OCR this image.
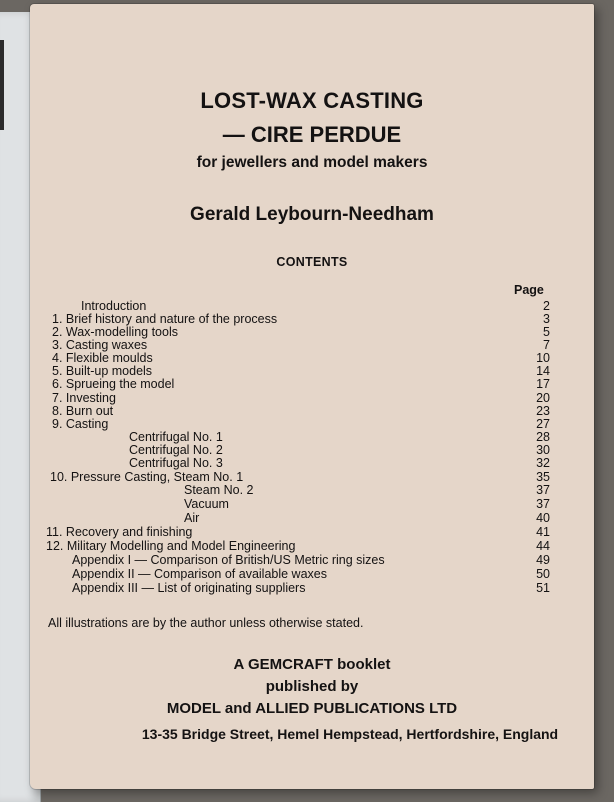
LOST-WAX CASTING
— CIRE PERDUE
for jewellers and model makers
Gerald Leybourn-Needham
CONTENTS
Page
Introduction	2
1. Brief history and nature of the process	3
2. Wax-modelling tools	5
3. Casting waxes	7
4. Flexible moulds	10
5. Built-up models	14
6. Sprueing the model	17
7. Investing	20
8. Burn out	23
9. Casting	27
Centrifugal No. 1	28
Centrifugal No. 2	30
Centrifugal No. 3	32
10. Pressure Casting, Steam No. 1	35
Steam No. 2	37
Vacuum	37
Air	40
11. Recovery and finishing	41
12. Military Modelling and Model Engineering	44
Appendix I — Comparison of British/US Metric ring sizes	49
Appendix II — Comparison of available waxes	50
Appendix III — List of originating suppliers	51
All illustrations are by the author unless otherwise stated.
A GEMCRAFT booklet
published by
MODEL and ALLIED PUBLICATIONS LTD
13-35 Bridge Street, Hemel Hempstead, Hertfordshire, England
